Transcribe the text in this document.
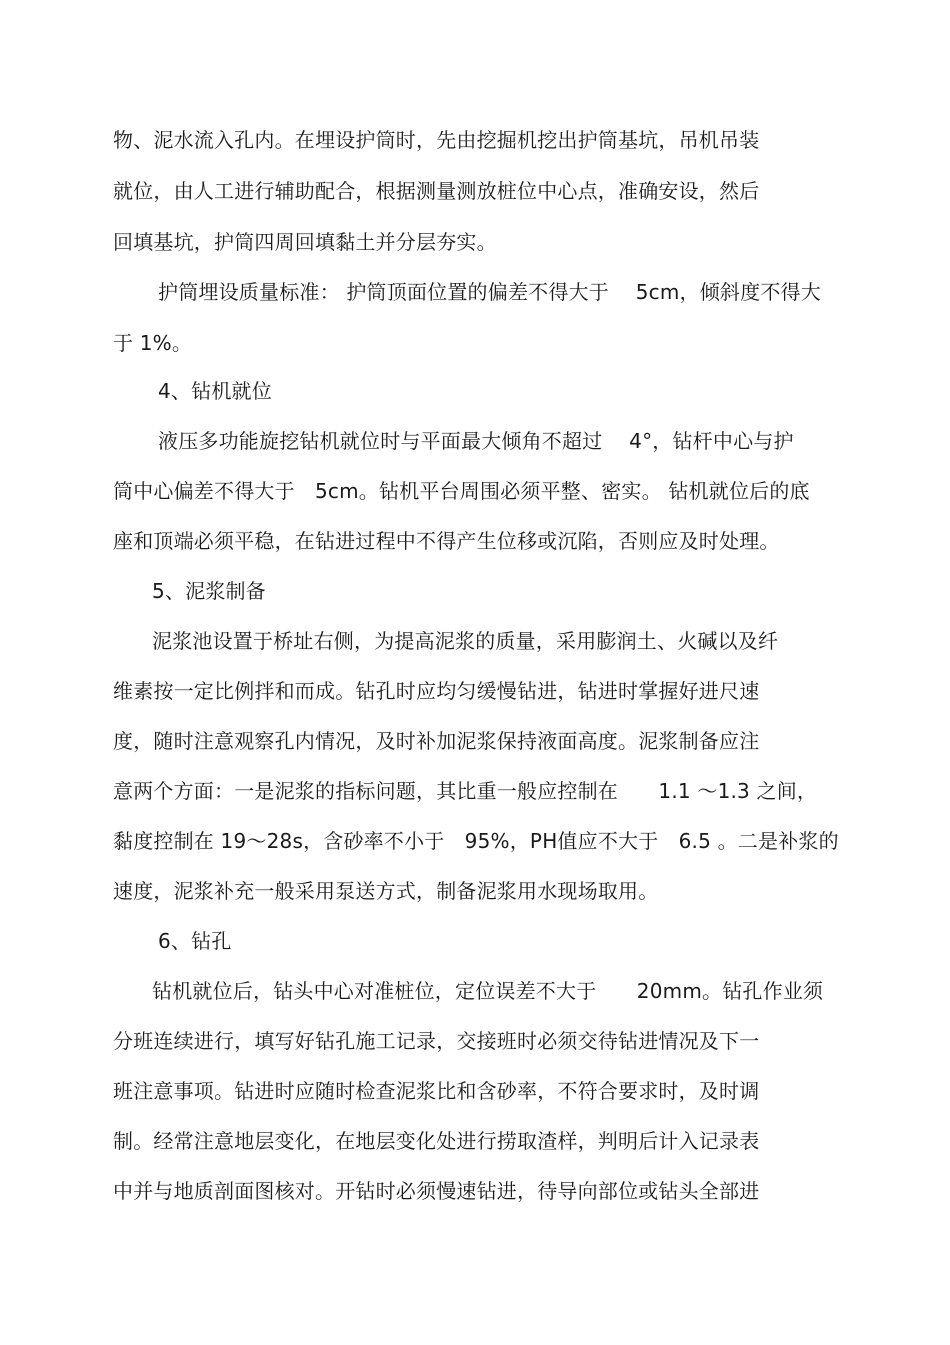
物、泥水流入孔内。在埋设护筒时，先由挖掘机挖出护筒基坑，吊机吊装
就位，由人工进行辅助配合，根据测量测放桩位中心点，准确安设，然后
回填基坑，护筒四周回填黏土并分层夯实。
护筒埋设质量标准： 护筒顶面位置的偏差不得大于　 5cm，倾斜度不得大
于 1%。
4、钻机就位
液压多功能旋挖钻机就位时与平面最大倾角不超过　 4°，钻杆中心与护
筒中心偏差不得大于　5cm。钻机平台周围必须平整、密实。 钻机就位后的底
座和顶端必须平稳，在钻进过程中不得产生位移或沉陷，否则应及时处理。
5、泥浆制备
泥浆池设置于桥址右侧，为提高泥浆的质量，采用膨润土、火碱以及纤
维素按一定比例拌和而成。钻孔时应均匀缓慢钻进，钻进时掌握好进尺速
度，随时注意观察孔内情况，及时补加泥浆保持液面高度。泥浆制备应注
意两个方面：一是泥浆的指标问题，其比重一般应控制在　　1.1 ～1.3 之间，
黏度控制在 19～28s，含砂率不小于　95%，PH值应不大于　6.5 。二是补浆的
速度，泥浆补充一般采用泵送方式，制备泥浆用水现场取用。
6、钻孔
钻机就位后，钻头中心对准桩位，定位误差不大于　　20mm。钻孔作业须
分班连续进行，填写好钻孔施工记录，交接班时必须交待钻进情况及下一
班注意事项。钻进时应随时检查泥浆比和含砂率，不符合要求时，及时调
制。经常注意地层变化，在地层变化处进行捞取渣样，判明后计入记录表
中并与地质剖面图核对。开钻时必须慢速钻进，待导向部位或钻头全部进
